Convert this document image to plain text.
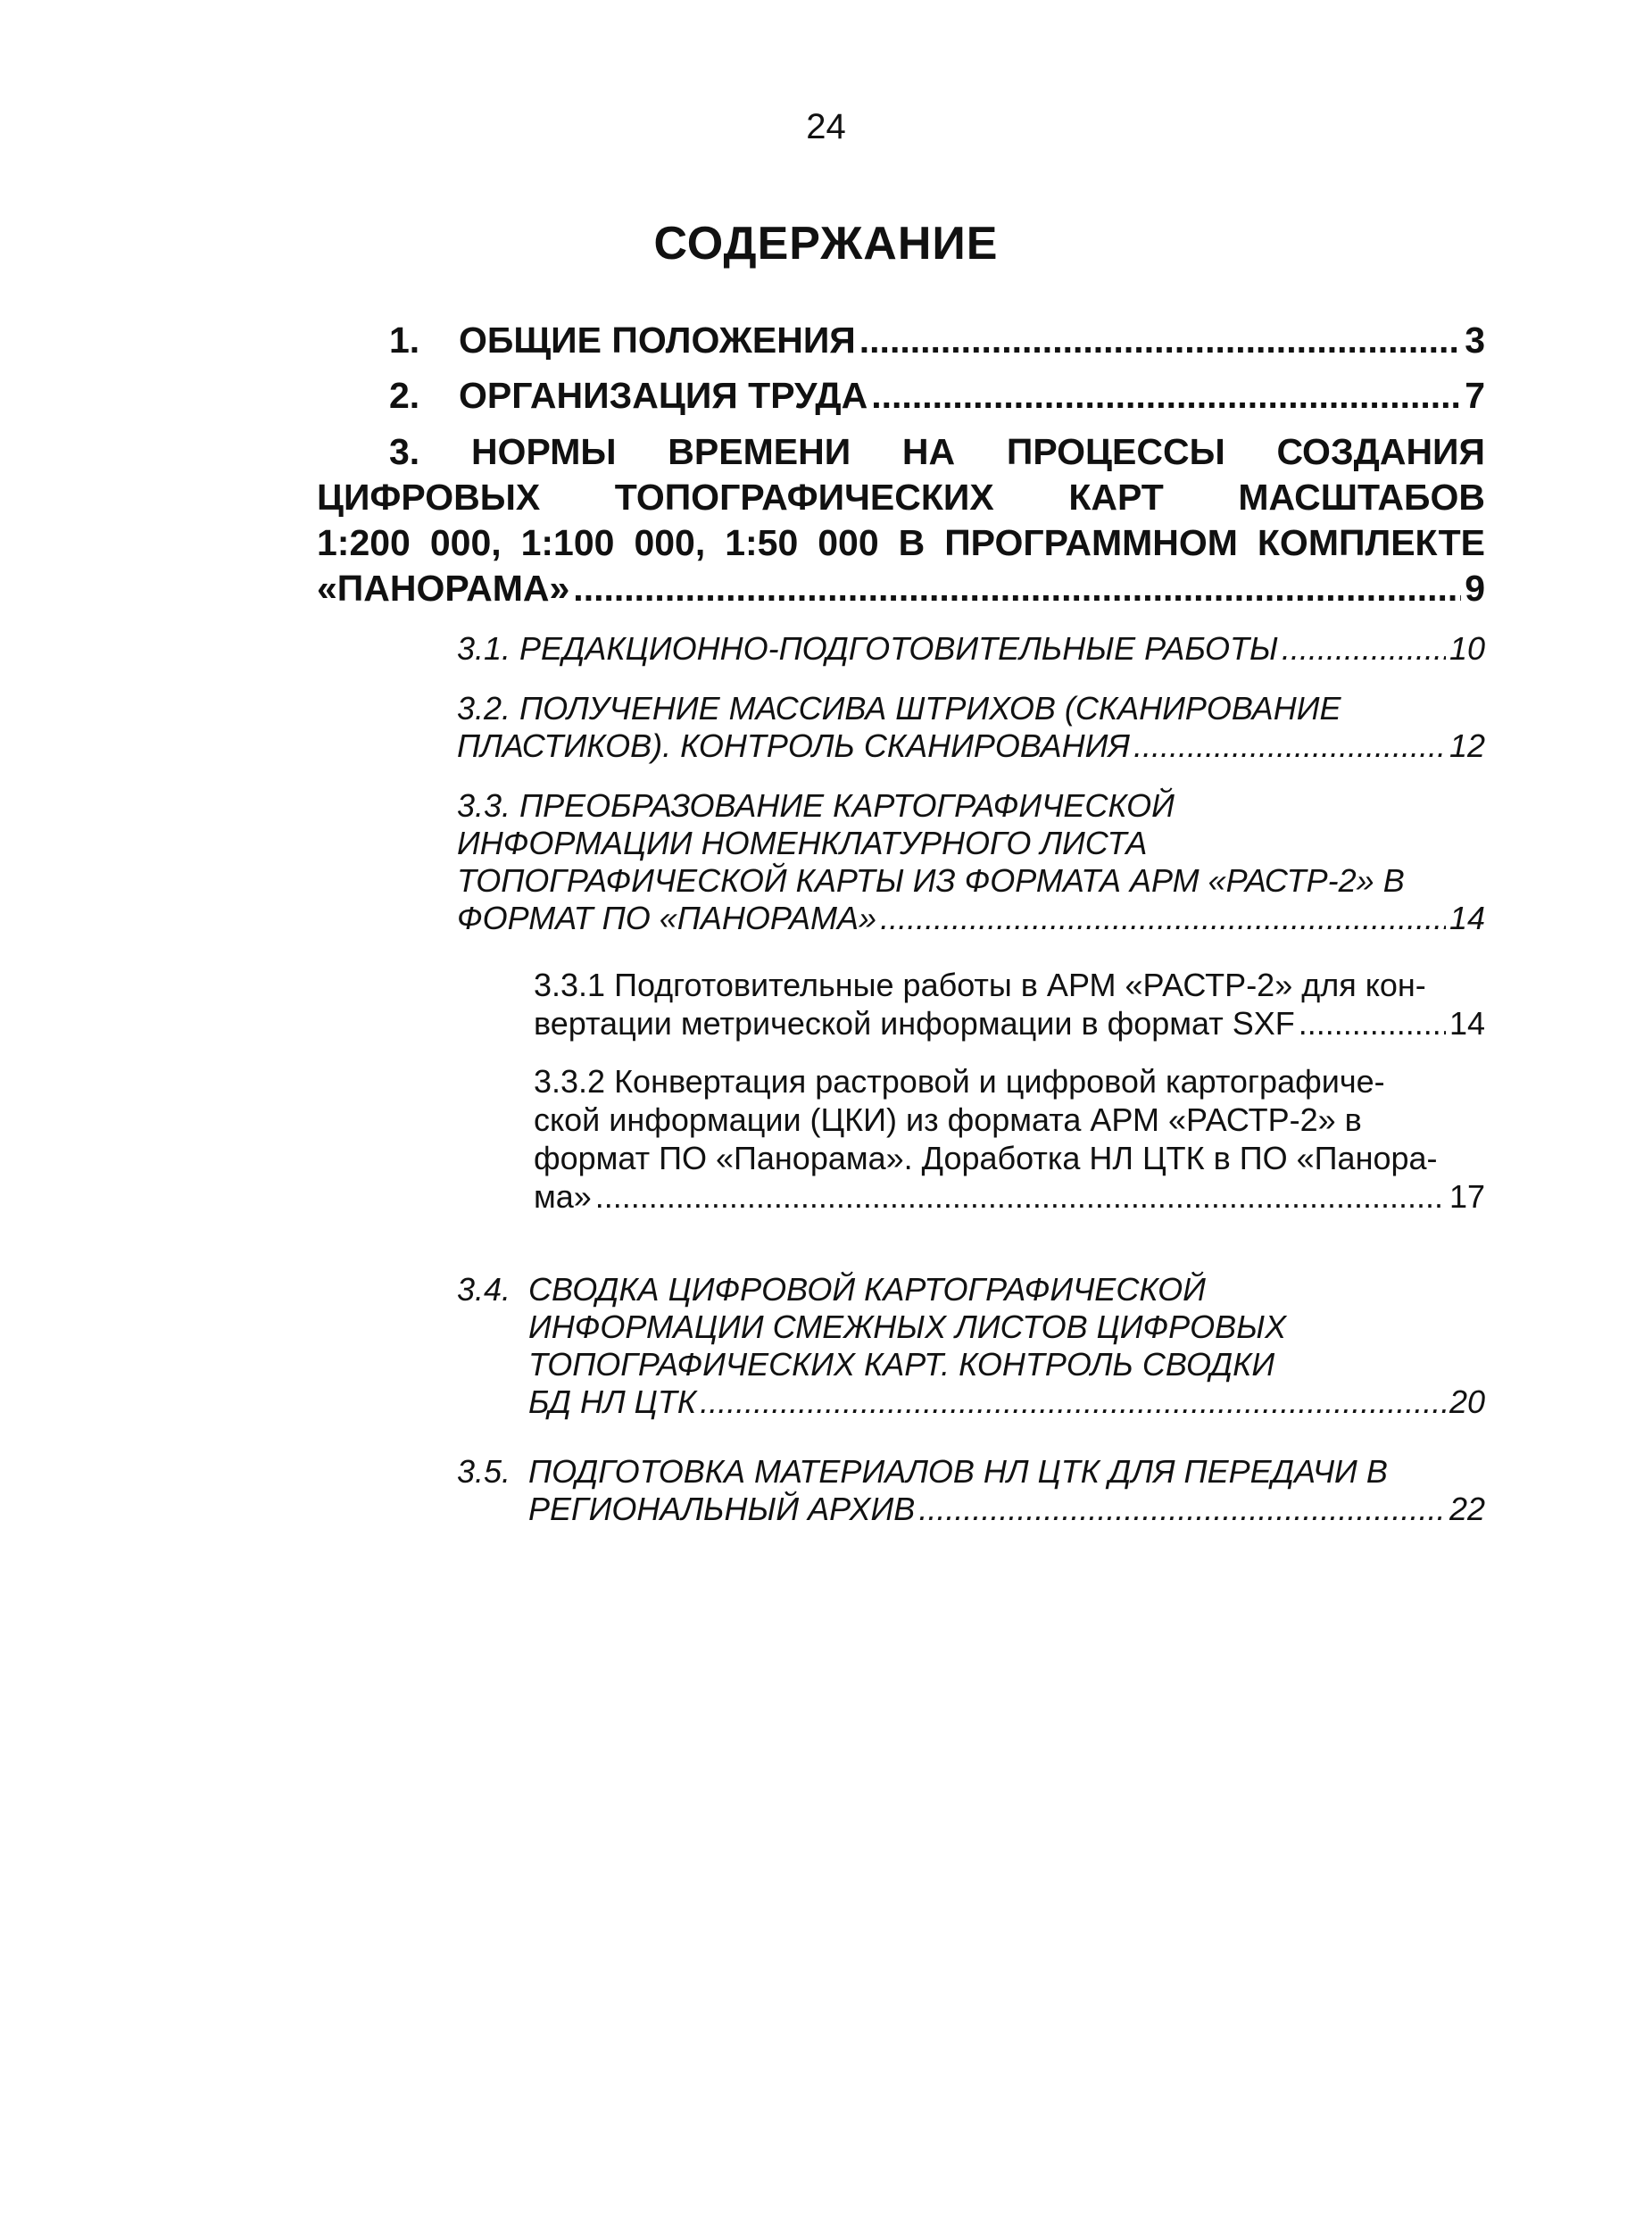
24
СОДЕРЖАНИЕ
1. ОБЩИЕ ПОЛОЖЕНИЯ .....	3
2. ОРГАНИЗАЦИЯ ТРУДА .....	7
3. НОРМЫ ВРЕМЕНИ НА ПРОЦЕССЫ СОЗДАНИЯ
ЦИФРОВЫХ ТОПОГРАФИЧЕСКИХ КАРТ МАСШТАБОВ
1:200 000, 1:100 000, 1:50 000 В ПРОГРАММНОМ КОМПЛЕКТЕ
«ПАНОРАМА» .....	9
3.1. РЕДАКЦИОННО-ПОДГОТОВИТЕЛЬНЫЕ РАБОТЫ .....	10
3.2. ПОЛУЧЕНИЕ МАССИВА ШТРИХОВ (СКАНИРОВАНИЕ
ПЛАСТИКОВ). КОНТРОЛЬ СКАНИРОВАНИЯ .....	12
3.3. ПРЕОБРАЗОВАНИЕ КАРТОГРАФИЧЕСКОЙ
ИНФОРМАЦИИ НОМЕНКЛАТУРНОГО ЛИСТА
ТОПОГРАФИЧЕСКОЙ КАРТЫ ИЗ ФОРМАТА АРМ «РАСТР-2» В
ФОРМАТ ПО «ПАНОРАМА» .....	14
3.3.1 Подготовительные работы в АРМ «РАСТР-2» для кон-
вертации метрической информации в формат SXF .....	14
3.3.2 Конвертация растровой и цифровой картографиче-
ской информации (ЦКИ) из формата АРМ «РАСТР-2» в
формат ПО «Панорама». Доработка НЛ ЦТК в ПО «Панора-
ма» .....	17
3.4. СВОДКА ЦИФРОВОЙ КАРТОГРАФИЧЕСКОЙ
ИНФОРМАЦИИ СМЕЖНЫХ ЛИСТОВ ЦИФРОВЫХ
ТОПОГРАФИЧЕСКИХ КАРТ. КОНТРОЛЬ СВОДКИ
БД НЛ ЦТК .....	20
3.5. ПОДГОТОВКА МАТЕРИАЛОВ НЛ ЦТК ДЛЯ ПЕРЕДАЧИ В
РЕГИОНАЛЬНЫЙ АРХИВ .....	22
